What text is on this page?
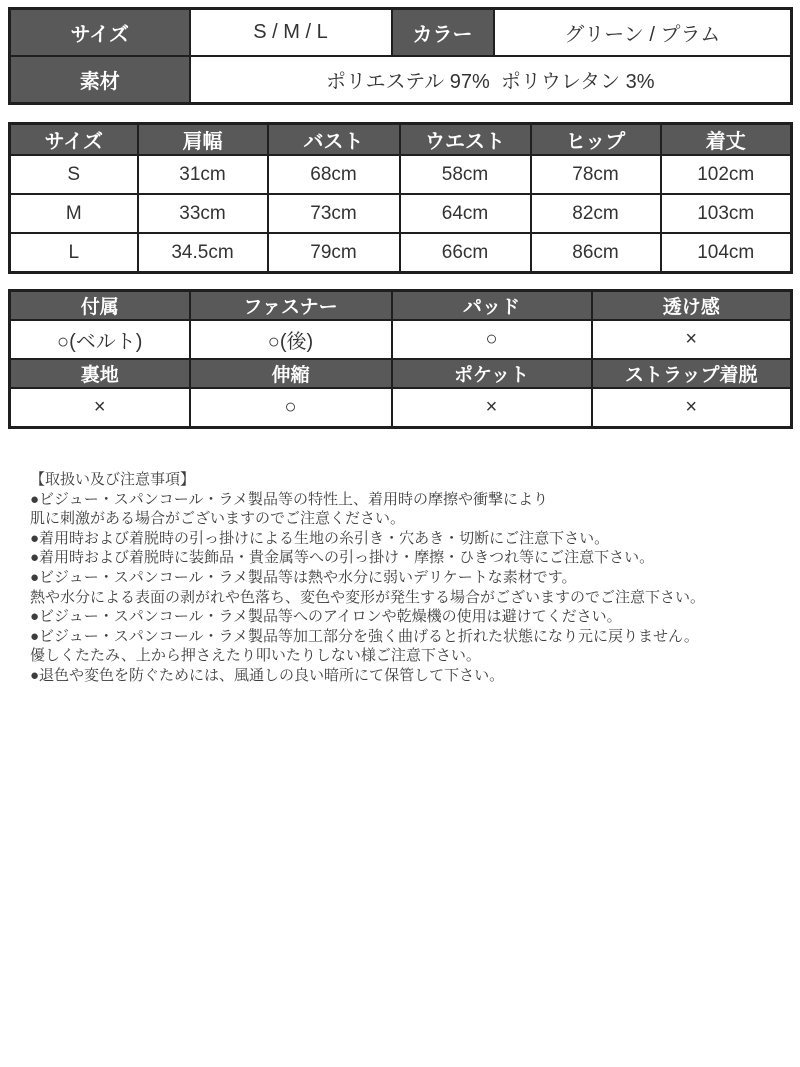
サイズ	S / M / L	カラー	グリーン / プラム
素材	ポリエステル 97%  ポリウレタン 3%		
サイズ	肩幅	バスト	ウエスト	ヒップ	着丈
S	31cm	68cm	58cm	78cm	102cm
M	33cm	73cm	64cm	82cm	103cm
L	34.5cm	79cm	66cm	86cm	104cm
付属	ファスナー	パッド	透け感
○(ベルト)	○(後)	○	×
裏地	伸縮	ポケット	ストラップ着脱
×	○	×	×
【取扱い及び注意事項】
●ビジュー・スパンコール・ラメ製品等の特性上、着用時の摩擦や衝撃により
肌に刺激がある場合がございますのでご注意ください。
●着用時および着脱時の引っ掛けによる生地の糸引き・穴あき・切断にご注意下さい。
●着用時および着脱時に装飾品・貴金属等への引っ掛け・摩擦・ひきつれ等にご注意下さい。
●ビジュー・スパンコール・ラメ製品等は熱や水分に弱いデリケートな素材です。
熱や水分による表面の剥がれや色落ち、変色や変形が発生する場合がございますのでご注意下さい。
●ビジュー・スパンコール・ラメ製品等へのアイロンや乾燥機の使用は避けてください。
●ビジュー・スパンコール・ラメ製品等加工部分を強く曲げると折れた状態になり元に戻りません。
優しくたたみ、上から押さえたり叩いたりしない様ご注意下さい。
●退色や変色を防ぐためには、風通しの良い暗所にて保管して下さい。
